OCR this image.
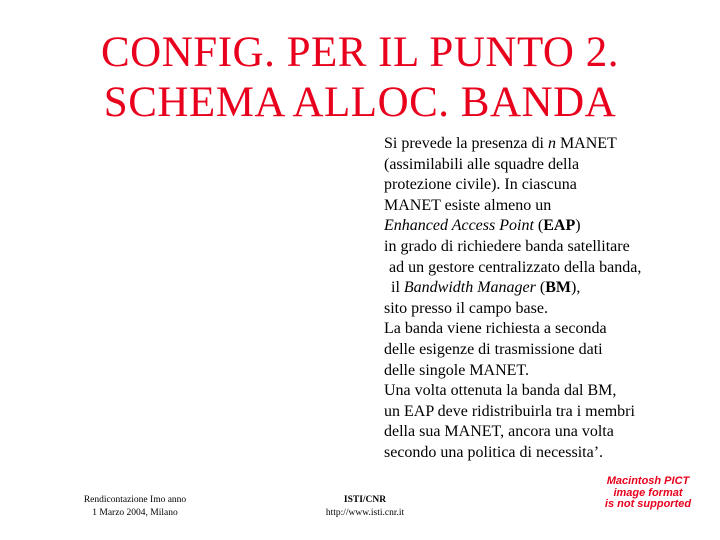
CONFIG. PER IL PUNTO 2.
SCHEMA ALLOC. BANDA
Si prevede la presenza di n MANET
(assimilabili alle squadre della
protezione civile). In ciascuna
MANET esiste almeno un
Enhanced Access Point (EAP)
in grado di richiedere banda satellitare
ad un gestore centralizzato della banda,
il Bandwidth Manager (BM),
sito presso il campo base.
La banda viene richiesta a seconda
delle esigenze di trasmissione dati
delle singole MANET.
Una volta ottenuta la banda dal BM,
un EAP deve ridistribuirla tra i membri
della sua MANET, ancora una volta
secondo una politica di necessita’.
Rendicontazione Imo anno
1 Marzo 2004, Milano
ISTI/CNR
http://www.isti.cnr.it
Macintosh PICT
image format
is not supported
